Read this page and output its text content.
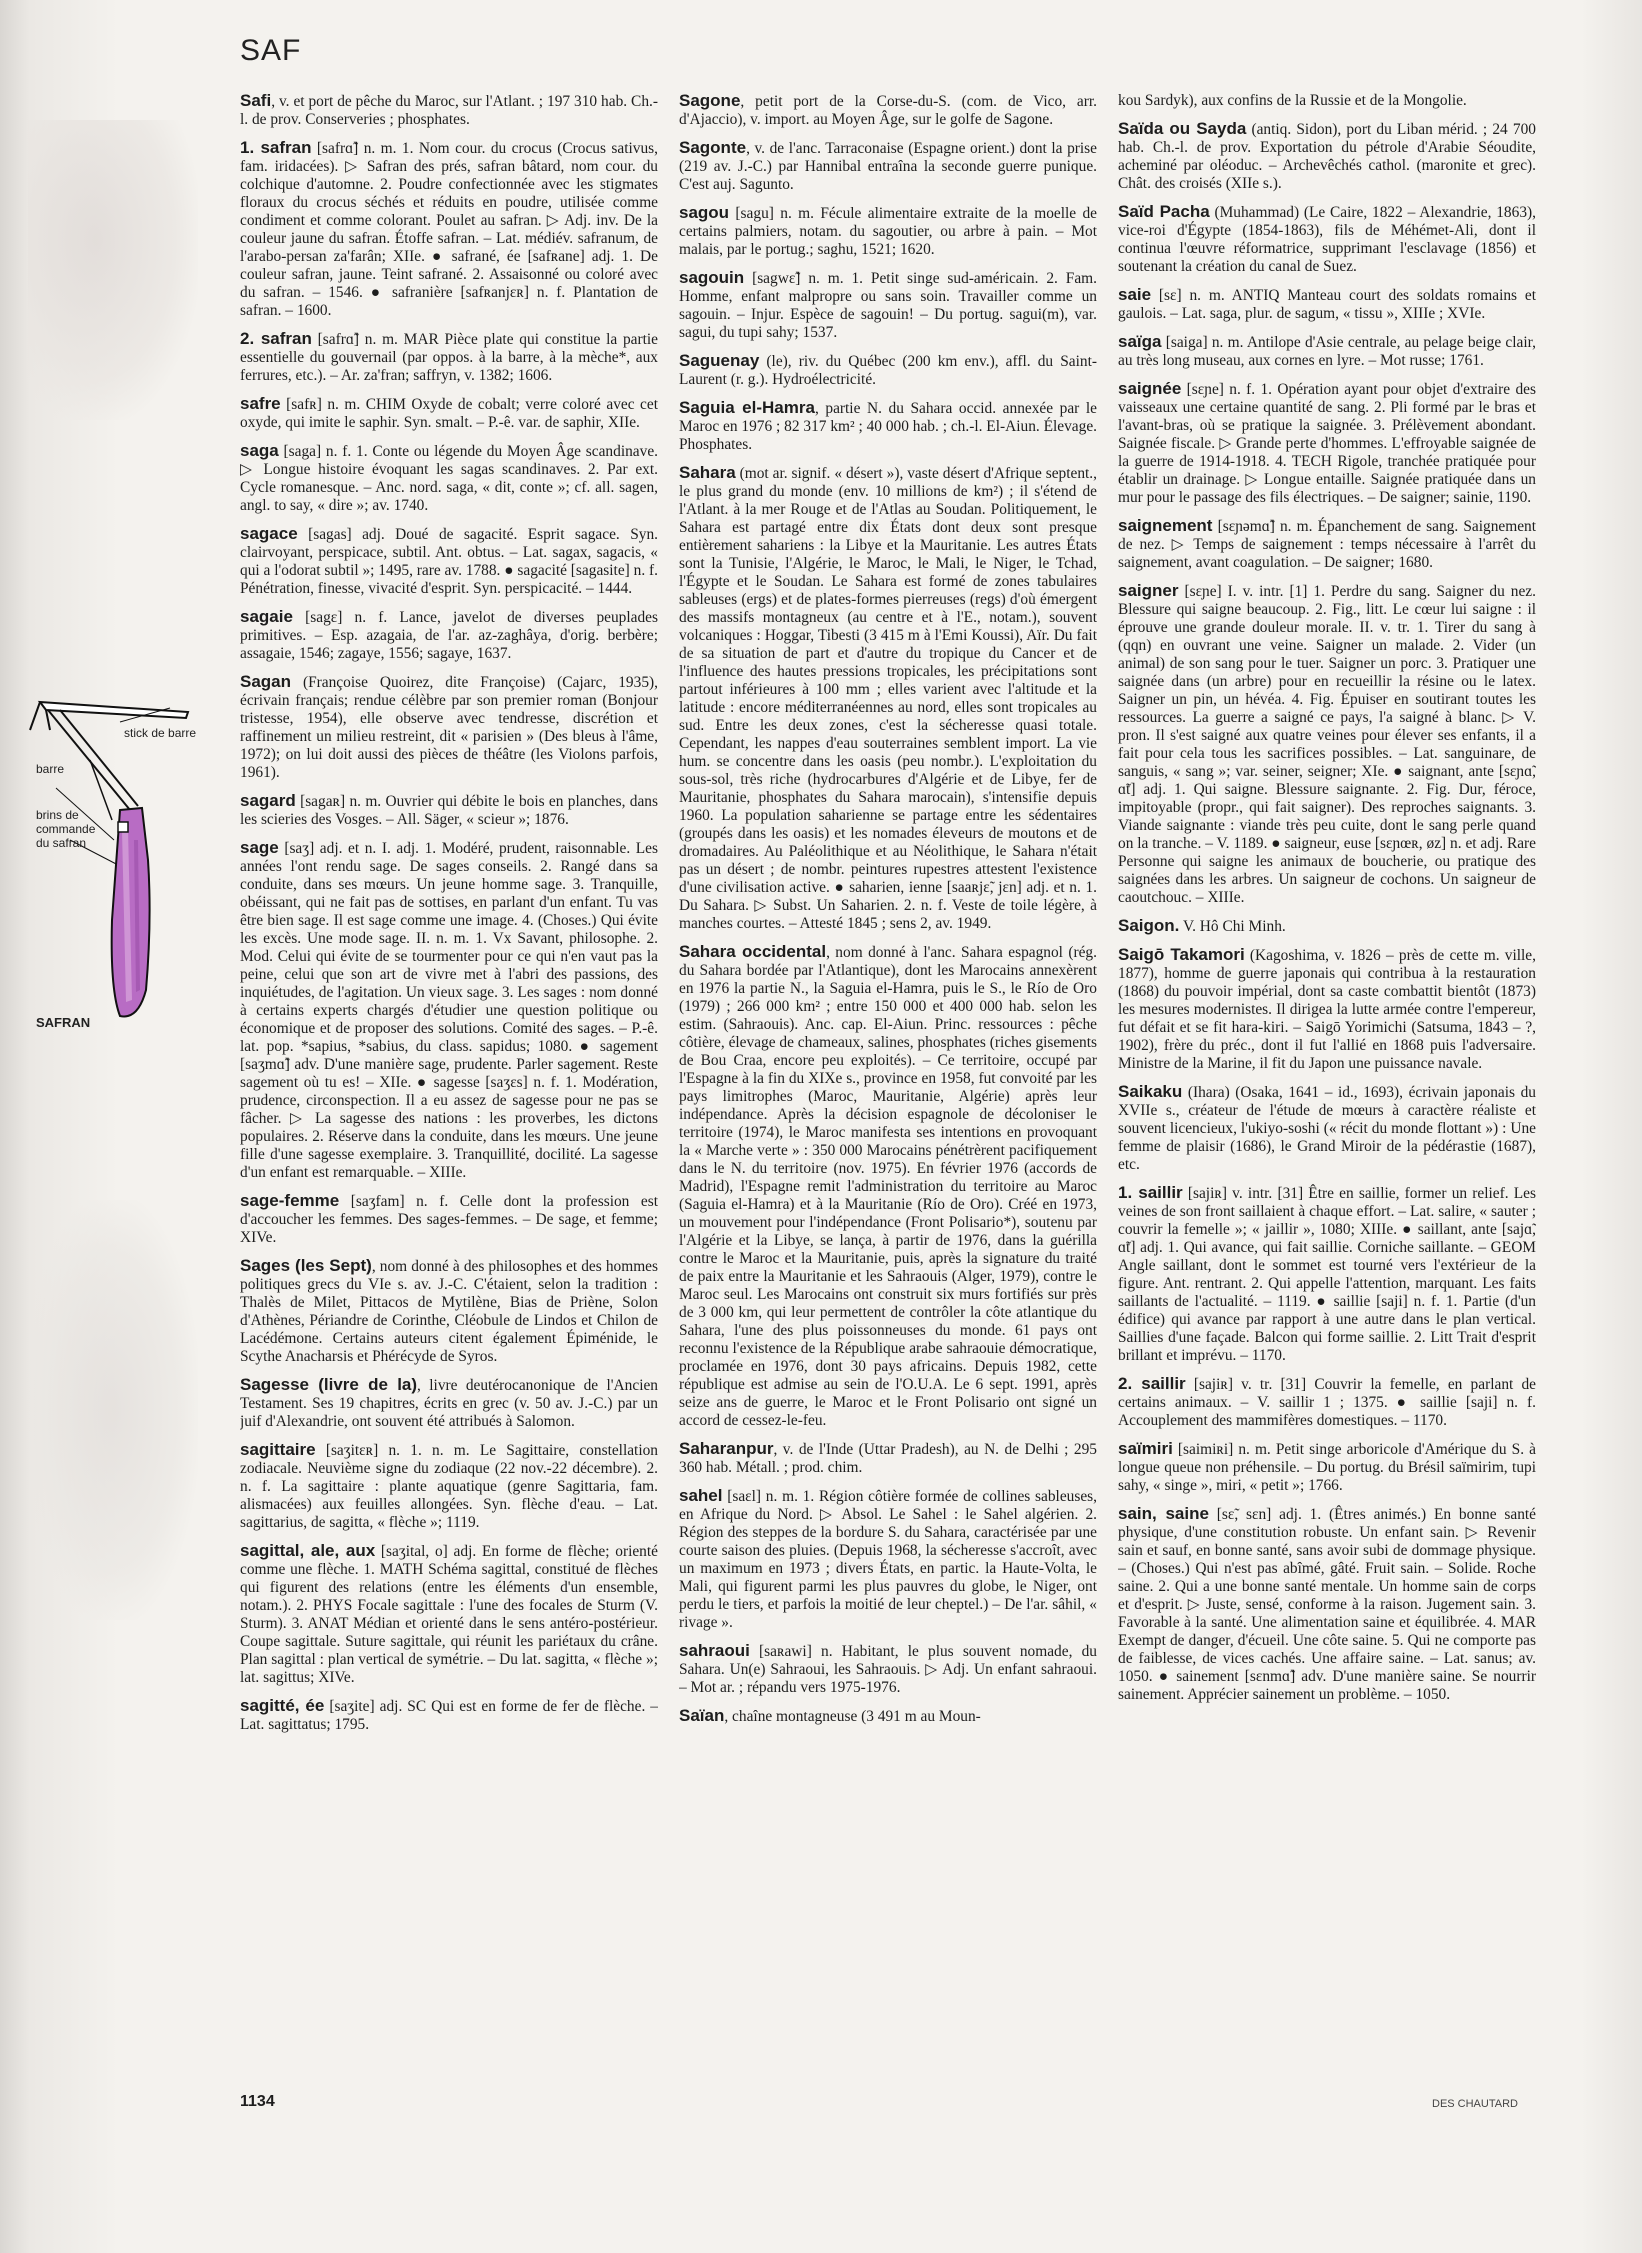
SAF
stick de barre
barre
brins de
commande
du safran
SAFRAN
Safi, v. et port de pêche du Maroc, sur l'Atlant. ; 197 310 hab. Ch.-l. de prov. Conserveries ; phosphates.
1. safran [safrɑ̃] n. m. 1. Nom cour. du crocus (Crocus sativus, fam. iridacées). ▷ Safran des prés, safran bâtard, nom cour. du colchique d'automne. 2. Poudre confectionnée avec les stigmates floraux du crocus séchés et réduits en poudre, utilisée comme condiment et comme colorant. Poulet au safran. ▷ Adj. inv. De la couleur jaune du safran. Étoffe safran. – Lat. médiév. safranum, de l'arabo-persan za'farân; XIIe. ● safrané, ée [safʀane] adj. 1. De couleur safran, jaune. Teint safrané. 2. Assaisonné ou coloré avec du safran. – 1546. ● safranière [safʀanjɛʀ] n. f. Plantation de safran. – 1600.
2. safran [safrɑ̃] n. m. MAR Pièce plate qui constitue la partie essentielle du gouvernail (par oppos. à la barre, à la mèche*, aux ferrures, etc.). – Ar. za'fran; saffryn, v. 1382; 1606.
safre [safʀ] n. m. CHIM Oxyde de cobalt; verre coloré avec cet oxyde, qui imite le saphir. Syn. smalt. – P.-ê. var. de saphir, XIIe.
saga [saga] n. f. 1. Conte ou légende du Moyen Âge scandinave. ▷ Longue histoire évoquant les sagas scandinaves. 2. Par ext. Cycle romanesque. – Anc. nord. saga, « dit, conte »; cf. all. sagen, angl. to say, « dire »; av. 1740.
sagace [sagas] adj. Doué de sagacité. Esprit sagace. Syn. clairvoyant, perspicace, subtil. Ant. obtus. – Lat. sagax, sagacis, « qui a l'odorat subtil »; 1495, rare av. 1788. ● sagacité [sagasite] n. f. Pénétration, finesse, vivacité d'esprit. Syn. perspicacité. – 1444.
sagaie [sagɛ] n. f. Lance, javelot de diverses peuplades primitives. – Esp. azagaia, de l'ar. az-zaghâya, d'orig. berbère; assagaie, 1546; zagaye, 1556; sagaye, 1637.
Sagan (Françoise Quoirez, dite Françoise) (Cajarc, 1935), écrivain français; rendue célèbre par son premier roman (Bonjour tristesse, 1954), elle observe avec tendresse, discrétion et raffinement un milieu restreint, dit « parisien » (Des bleus à l'âme, 1972); on lui doit aussi des pièces de théâtre (les Violons parfois, 1961).
sagard [sagaʀ] n. m. Ouvrier qui débite le bois en planches, dans les scieries des Vosges. – All. Säger, « scieur »; 1876.
sage [saʒ] adj. et n. I. adj. 1. Modéré, prudent, raisonnable. Les années l'ont rendu sage. De sages conseils. 2. Rangé dans sa conduite, dans ses mœurs. Un jeune homme sage. 3. Tranquille, obéissant, qui ne fait pas de sottises, en parlant d'un enfant. Tu vas être bien sage. Il est sage comme une image. 4. (Choses.) Qui évite les excès. Une mode sage. II. n. m. 1. Vx Savant, philosophe. 2. Mod. Celui qui évite de se tourmenter pour ce qui n'en vaut pas la peine, celui que son art de vivre met à l'abri des passions, des inquiétudes, de l'agitation. Un vieux sage. 3. Les sages : nom donné à certains experts chargés d'étudier une question politique ou économique et de proposer des solutions. Comité des sages. – P.-ê. lat. pop. *sapius, *sabius, du class. sapidus; 1080. ● sagement [saʒmɑ̃] adv. D'une manière sage, prudente. Parler sagement. Reste sagement où tu es! – XIIe. ● sagesse [saʒɛs] n. f. 1. Modération, prudence, circonspection. Il a eu assez de sagesse pour ne pas se fâcher. ▷ La sagesse des nations : les proverbes, les dictons populaires. 2. Réserve dans la conduite, dans les mœurs. Une jeune fille d'une sagesse exemplaire. 3. Tranquillité, docilité. La sagesse d'un enfant est remarquable. – XIIIe.
sage-femme [saʒfam] n. f. Celle dont la profession est d'accoucher les femmes. Des sages-femmes. – De sage, et femme; XIVe.
Sages (les Sept), nom donné à des philosophes et des hommes politiques grecs du VIe s. av. J.-C. C'étaient, selon la tradition : Thalès de Milet, Pittacos de Mytilène, Bias de Priène, Solon d'Athènes, Périandre de Corinthe, Cléobule de Lindos et Chilon de Lacédémone. Certains auteurs citent également Épiménide, le Scythe Anacharsis et Phérécyde de Syros.
Sagesse (livre de la), livre deutérocanonique de l'Ancien Testament. Ses 19 chapitres, écrits en grec (v. 50 av. J.-C.) par un juif d'Alexandrie, ont souvent été attribués à Salomon.
sagittaire [saʒitɛʀ] n. 1. n. m. Le Sagittaire, constellation zodiacale. Neuvième signe du zodiaque (22 nov.-22 décembre). 2. n. f. La sagittaire : plante aquatique (genre Sagittaria, fam. alismacées) aux feuilles allongées. Syn. flèche d'eau. – Lat. sagittarius, de sagitta, « flèche »; 1119.
sagittal, ale, aux [saʒital, o] adj. En forme de flèche; orienté comme une flèche. 1. MATH Schéma sagittal, constitué de flèches qui figurent des relations (entre les éléments d'un ensemble, notam.). 2. PHYS Focale sagittale : l'une des focales de Sturm (V. Sturm). 3. ANAT Médian et orienté dans le sens antéro-postérieur. Coupe sagittale. Suture sagittale, qui réunit les pariétaux du crâne. Plan sagittal : plan vertical de symétrie. – Du lat. sagitta, « flèche »; lat. sagittus; XIVe.
sagitté, ée [saʒite] adj. SC Qui est en forme de fer de flèche. – Lat. sagittatus; 1795.
Sagone, petit port de la Corse-du-S. (com. de Vico, arr. d'Ajaccio), v. import. au Moyen Âge, sur le golfe de Sagone.
Sagonte, v. de l'anc. Tarraconaise (Espagne orient.) dont la prise (219 av. J.-C.) par Hannibal entraîna la seconde guerre punique. C'est auj. Sagunto.
sagou [sagu] n. m. Fécule alimentaire extraite de la moelle de certains palmiers, notam. du sagoutier, ou arbre à pain. – Mot malais, par le portug.; saghu, 1521; 1620.
sagouin [sagwɛ̃] n. m. 1. Petit singe sud-américain. 2. Fam. Homme, enfant malpropre ou sans soin. Travailler comme un sagouin. – Injur. Espèce de sagouin! – Du portug. sagui(m), var. sagui, du tupi sahy; 1537.
Saguenay (le), riv. du Québec (200 km env.), affl. du Saint-Laurent (r. g.). Hydroélectricité.
Saguia el-Hamra, partie N. du Sahara occid. annexée par le Maroc en 1976 ; 82 317 km² ; 40 000 hab. ; ch.-l. El-Aiun. Élevage. Phosphates.
Sahara (mot ar. signif. « désert »), vaste désert d'Afrique septent., le plus grand du monde (env. 10 millions de km²) ; il s'étend de l'Atlant. à la mer Rouge et de l'Atlas au Soudan. Politiquement, le Sahara est partagé entre dix États dont deux sont presque entièrement sahariens : la Libye et la Mauritanie. Les autres États sont la Tunisie, l'Algérie, le Maroc, le Mali, le Niger, le Tchad, l'Égypte et le Soudan. Le Sahara est formé de zones tabulaires sableuses (ergs) et de plates-formes pierreuses (regs) d'où émergent des massifs montagneux (au centre et à l'E., notam.), souvent volcaniques : Hoggar, Tibesti (3 415 m à l'Emi Koussi), Aïr. Du fait de sa situation de part et d'autre du tropique du Cancer et de l'influence des hautes pressions tropicales, les précipitations sont partout inférieures à 100 mm ; elles varient avec l'altitude et la latitude : encore méditerranéennes au nord, elles sont tropicales au sud. Entre les deux zones, c'est la sécheresse quasi totale. Cependant, les nappes d'eau souterraines semblent import. La vie hum. se concentre dans les oasis (peu nombr.). L'exploitation du sous-sol, très riche (hydrocarbures d'Algérie et de Libye, fer de Mauritanie, phosphates du Sahara marocain), s'intensifie depuis 1960. La population saharienne se partage entre les sédentaires (groupés dans les oasis) et les nomades éleveurs de moutons et de dromadaires. Au Paléolithique et au Néolithique, le Sahara n'était pas un désert ; de nombr. peintures rupestres attestent l'existence d'une civilisation active. ● saharien, ienne [saaʀjɛ̃, jɛn] adj. et n. 1. Du Sahara. ▷ Subst. Un Saharien. 2. n. f. Veste de toile légère, à manches courtes. – Attesté 1845 ; sens 2, av. 1949.
Sahara occidental, nom donné à l'anc. Sahara espagnol (rég. du Sahara bordée par l'Atlantique), dont les Marocains annexèrent en 1976 la partie N., la Saguia el-Hamra, puis le S., le Río de Oro (1979) ; 266 000 km² ; entre 150 000 et 400 000 hab. selon les estim. (Sahraouis). Anc. cap. El-Aiun. Princ. ressources : pêche côtière, élevage de chameaux, salines, phosphates (riches gisements de Bou Craa, encore peu exploités). – Ce territoire, occupé par l'Espagne à la fin du XIXe s., province en 1958, fut convoité par les pays limitrophes (Maroc, Mauritanie, Algérie) après leur indépendance. Après la décision espagnole de décoloniser le territoire (1974), le Maroc manifesta ses intentions en provoquant la « Marche verte » : 350 000 Marocains pénétrèrent pacifiquement dans le N. du territoire (nov. 1975). En février 1976 (accords de Madrid), l'Espagne remit l'administration du territoire au Maroc (Saguia el-Hamra) et à la Mauritanie (Río de Oro). Créé en 1973, un mouvement pour l'indépendance (Front Polisario*), soutenu par l'Algérie et la Libye, se lança, à partir de 1976, dans la guérilla contre le Maroc et la Mauritanie, puis, après la signature du traité de paix entre la Mauritanie et les Sahraouis (Alger, 1979), contre le Maroc seul. Les Marocains ont construit six murs fortifiés sur près de 3 000 km, qui leur permettent de contrôler la côte atlantique du Sahara, l'une des plus poissonneuses du monde. 61 pays ont reconnu l'existence de la République arabe sahraouie démocratique, proclamée en 1976, dont 30 pays africains. Depuis 1982, cette république est admise au sein de l'O.U.A. Le 6 sept. 1991, après seize ans de guerre, le Maroc et le Front Polisario ont signé un accord de cessez-le-feu.
Saharanpur, v. de l'Inde (Uttar Pradesh), au N. de Delhi ; 295 360 hab. Métall. ; prod. chim.
sahel [saɛl] n. m. 1. Région côtière formée de collines sableuses, en Afrique du Nord. ▷ Absol. Le Sahel : le Sahel algérien. 2. Région des steppes de la bordure S. du Sahara, caractérisée par une courte saison des pluies. (Depuis 1968, la sécheresse s'accroît, avec un maximum en 1973 ; divers États, en partic. la Haute-Volta, le Mali, qui figurent parmi les plus pauvres du globe, le Niger, ont perdu le tiers, et parfois la moitié de leur cheptel.) – De l'ar. sâhil, « rivage ».
sahraoui [saʀawi] n. Habitant, le plus souvent nomade, du Sahara. Un(e) Sahraoui, les Sahraouis. ▷ Adj. Un enfant sahraoui. – Mot ar. ; répandu vers 1975-1976.
Saïan, chaîne montagneuse (3 491 m au Moun-
kou Sardyk), aux confins de la Russie et de la Mongolie.
Saïda ou Sayda (antiq. Sidon), port du Liban mérid. ; 24 700 hab. Ch.-l. de prov. Exportation du pétrole d'Arabie Séoudite, acheminé par oléoduc. – Archevêchés cathol. (maronite et grec). Chât. des croisés (XIIe s.).
Saïd Pacha (Muhammad) (Le Caire, 1822 – Alexandrie, 1863), vice-roi d'Égypte (1854-1863), fils de Méhémet-Ali, dont il continua l'œuvre réformatrice, supprimant l'esclavage (1856) et soutenant la création du canal de Suez.
saie [sɛ] n. m. ANTIQ Manteau court des soldats romains et gaulois. – Lat. saga, plur. de sagum, « tissu », XIIIe ; XVIe.
saïga [saiga] n. m. Antilope d'Asie centrale, au pelage beige clair, au très long museau, aux cornes en lyre. – Mot russe; 1761.
saignée [sɛɲe] n. f. 1. Opération ayant pour objet d'extraire des vaisseaux une certaine quantité de sang. 2. Pli formé par le bras et l'avant-bras, où se pratique la saignée. 3. Prélèvement abondant. Saignée fiscale. ▷ Grande perte d'hommes. L'effroyable saignée de la guerre de 1914-1918. 4. TECH Rigole, tranchée pratiquée pour établir un drainage. ▷ Longue entaille. Saignée pratiquée dans un mur pour le passage des fils électriques. – De saigner; sainie, 1190.
saignement [sɛɲəmɑ̃] n. m. Épanchement de sang. Saignement de nez. ▷ Temps de saignement : temps nécessaire à l'arrêt du saignement, avant coagulation. – De saigner; 1680.
saigner [sɛɲe] I. v. intr. [1] 1. Perdre du sang. Saigner du nez. Blessure qui saigne beaucoup. 2. Fig., litt. Le cœur lui saigne : il éprouve une grande douleur morale. II. v. tr. 1. Tirer du sang à (qqn) en ouvrant une veine. Saigner un malade. 2. Vider (un animal) de son sang pour le tuer. Saigner un porc. 3. Pratiquer une saignée dans (un arbre) pour en recueillir la résine ou le latex. Saigner un pin, un hévéa. 4. Fig. Épuiser en soutirant toutes les ressources. La guerre a saigné ce pays, l'a saigné à blanc. ▷ V. pron. Il s'est saigné aux quatre veines pour élever ses enfants, il a fait pour cela tous les sacrifices possibles. – Lat. sanguinare, de sanguis, « sang »; var. seiner, seigner; XIe. ● saignant, ante [sɛɲɑ̃, ɑ̃t] adj. 1. Qui saigne. Blessure saignante. 2. Fig. Dur, féroce, impitoyable (propr., qui fait saigner). Des reproches saignants. 3. Viande saignante : viande très peu cuite, dont le sang perle quand on la tranche. – V. 1189. ● saigneur, euse [sɛɲœʀ, øz] n. et adj. Rare Personne qui saigne les animaux de boucherie, ou pratique des saignées dans les arbres. Un saigneur de cochons. Un saigneur de caoutchouc. – XIIIe.
Saigon. V. Hô Chi Minh.
Saigō Takamori (Kagoshima, v. 1826 – près de cette m. ville, 1877), homme de guerre japonais qui contribua à la restauration (1868) du pouvoir impérial, dont sa caste combattit bientôt (1873) les mesures modernistes. Il dirigea la lutte armée contre l'empereur, fut défait et se fit hara-kiri. – Saigō Yorimichi (Satsuma, 1843 – ?, 1902), frère du préc., dont il fut l'allié en 1868 puis l'adversaire. Ministre de la Marine, il fit du Japon une puissance navale.
Saikaku (Ihara) (Osaka, 1641 – id., 1693), écrivain japonais du XVIIe s., créateur de l'étude de mœurs à caractère réaliste et souvent licencieux, l'ukiyo-soshi (« récit du monde flottant ») : Une femme de plaisir (1686), le Grand Miroir de la pédérastie (1687), etc.
1. saillir [sajiʀ] v. intr. [31] Être en saillie, former un relief. Les veines de son front saillaient à chaque effort. – Lat. salire, « sauter ; couvrir la femelle »; « jaillir », 1080; XIIIe. ● saillant, ante [sajɑ̃, ɑ̃t] adj. 1. Qui avance, qui fait saillie. Corniche saillante. – GEOM Angle saillant, dont le sommet est tourné vers l'extérieur de la figure. Ant. rentrant. 2. Qui appelle l'attention, marquant. Les faits saillants de l'actualité. – 1119. ● saillie [saji] n. f. 1. Partie (d'un édifice) qui avance par rapport à une autre dans le plan vertical. Saillies d'une façade. Balcon qui forme saillie. 2. Litt Trait d'esprit brillant et imprévu. – 1170.
2. saillir [sajiʀ] v. tr. [31] Couvrir la femelle, en parlant de certains animaux. – V. saillir 1 ; 1375. ● saillie [saji] n. f. Accouplement des mammifères domestiques. – 1170.
saïmiri [saimiʀi] n. m. Petit singe arboricole d'Amérique du S. à longue queue non préhensile. – Du portug. du Brésil saïmirim, tupi sahy, « singe », miri, « petit »; 1766.
sain, saine [sɛ̃, sɛn] adj. 1. (Êtres animés.) En bonne santé physique, d'une constitution robuste. Un enfant sain. ▷ Revenir sain et sauf, en bonne santé, sans avoir subi de dommage physique. – (Choses.) Qui n'est pas abîmé, gâté. Fruit sain. – Solide. Roche saine. 2. Qui a une bonne santé mentale. Un homme sain de corps et d'esprit. ▷ Juste, sensé, conforme à la raison. Jugement sain. 3. Favorable à la santé. Une alimentation saine et équilibrée. 4. MAR Exempt de danger, d'écueil. Une côte saine. 5. Qui ne comporte pas de faiblesse, de vices cachés. Une affaire saine. – Lat. sanus; av. 1050. ● sainement [sɛnmɑ̃] adv. D'une manière saine. Se nourrir sainement. Apprécier sainement un problème. – 1050.
1134	DES CHAUTARD
